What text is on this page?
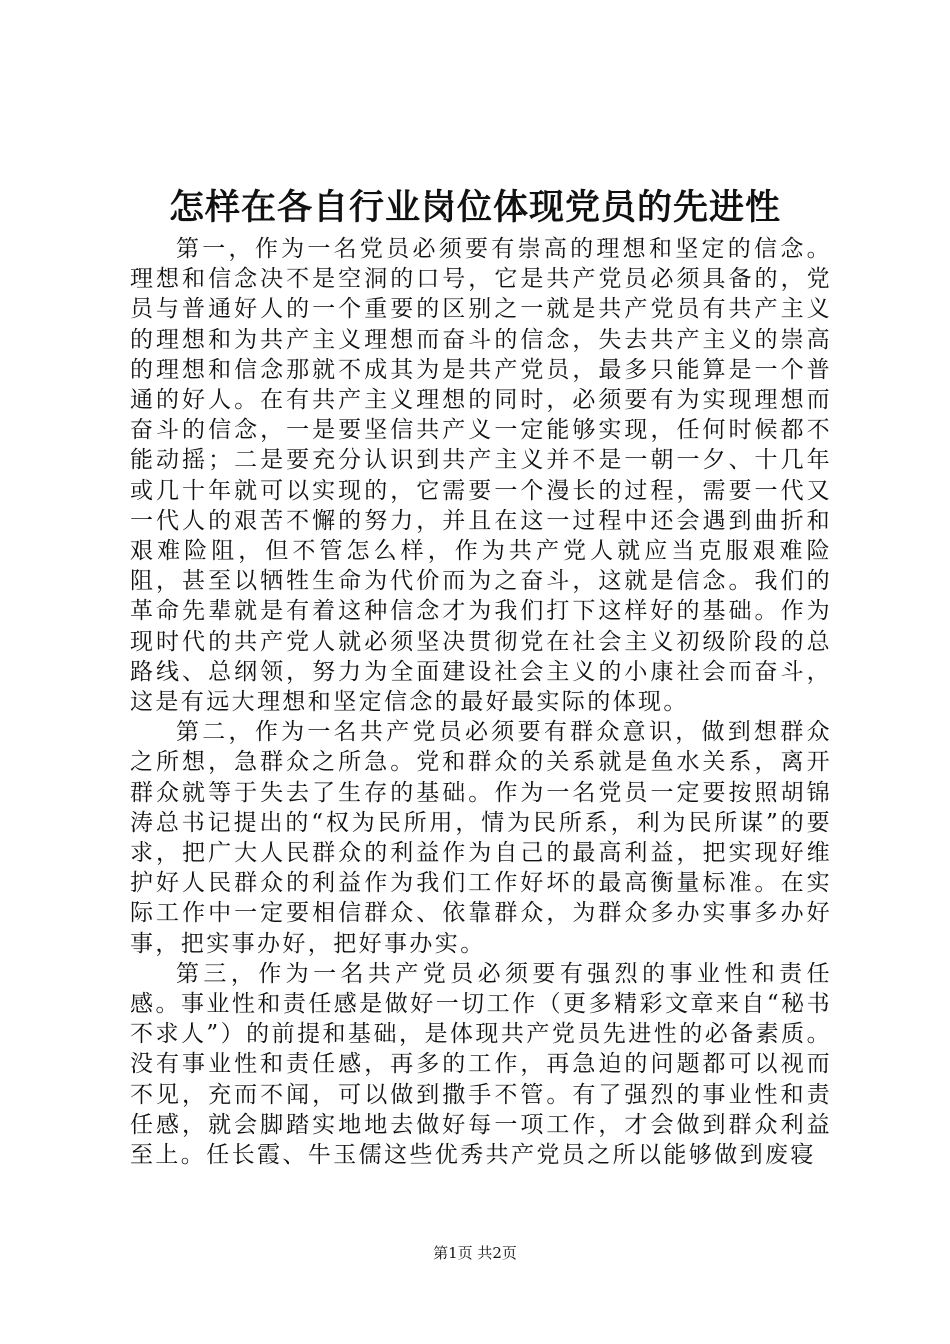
怎样在各自行业岗位体现党员的先进性

第一，作为一名党员必须要有崇高的理想和坚定的信念。理想和信念决不是空洞的口号，它是共产党员必须具备的，党员与普通好人的一个重要的区别之一就是共产党员有共产主义的理想和为共产主义理想而奋斗的信念，失去共产主义的崇高的理想和信念那就不成其为是共产党员，最多只能算是一个普通的好人。在有共产主义理想的同时，必须要有为实现理想而奋斗的信念，一是要坚信共产义一定能够实现，任何时候都不能动摇；二是要充分认识到共产主义并不是一朝一夕、十几年或几十年就可以实现的，它需要一个漫长的过程，需要一代又一代人的艰苦不懈的努力，并且在这一过程中还会遇到曲折和艰难险阻，但不管怎么样，作为共产党人就应当克服艰难险阻，甚至以牺牲生命为代价而为之奋斗，这就是信念。我们的革命先辈就是有着这种信念才为我们打下这样好的基础。作为现时代的共产党人就必须坚决贯彻党在社会主义初级阶段的总路线、总纲领，努力为全面建设社会主义的小康社会而奋斗，这是有远大理想和坚定信念的最好最实际的体现。

第二，作为一名共产党员必须要有群众意识，做到想群众之所想，急群众之所急。党和群众的关系就是鱼水关系，离开群众就等于失去了生存的基础。作为一名党员一定要按照胡锦涛总书记提出的“权为民所用，情为民所系，利为民所谋”的要求，把广大人民群众的利益作为自己的最高利益，把实现好维护好人民群众的利益作为我们工作好坏的最高衡量标准。在实际工作中一定要相信群众、依靠群众，为群众多办实事多办好事，把实事办好，把好事办实。

第三，作为一名共产党员必须要有强烈的事业性和责任感。事业性和责任感是做好一切工作（更多精彩文章来自“秘书不求人”）的前提和基础，是体现共产党员先进性的必备素质。没有事业性和责任感，再多的工作，再急迫的问题都可以视而不见，充而不闻，可以做到撒手不管。有了强烈的事业性和责任感，就会脚踏实地地去做好每一项工作，才会做到群众利益至上。任长霞、牛玉儒这些优秀共产党员之所以能够做到废寝

第1页 共2页
